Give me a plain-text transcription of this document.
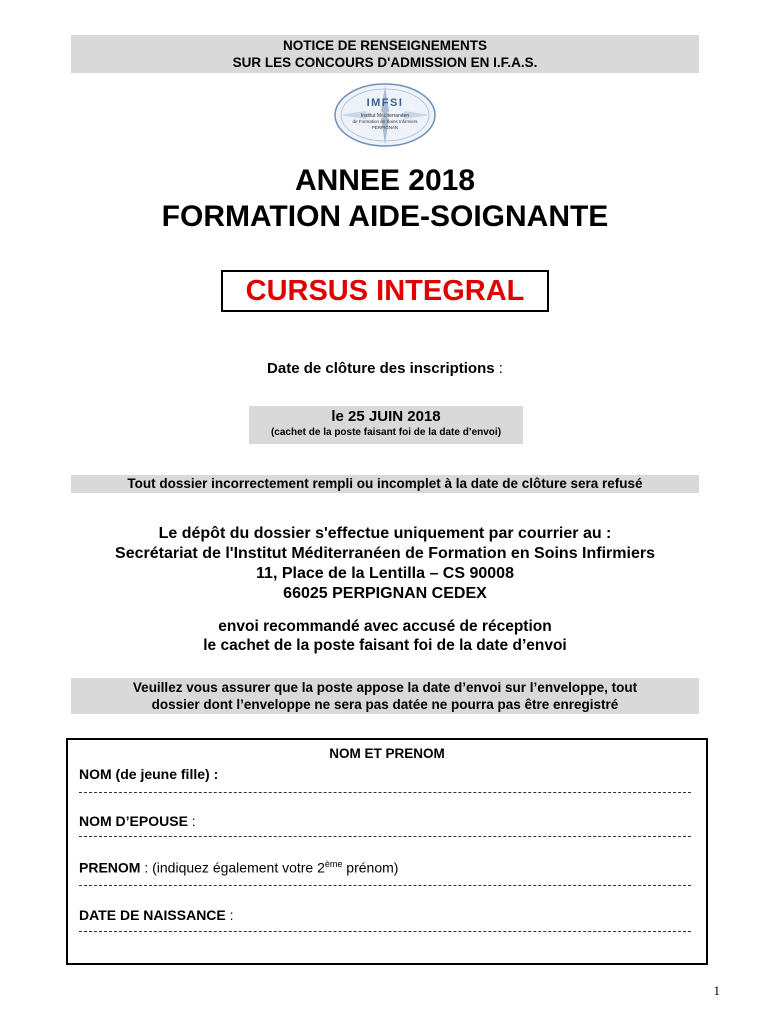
NOTICE DE RENSEIGNEMENTS
SUR LES CONCOURS D'ADMISSION EN I.F.A.S.
IMFSI
Institut Méditerranéen
de Formation en Soins Infirmiers
PERPIGNAN
ANNEE 2018
FORMATION AIDE-SOIGNANTE
CURSUS INTEGRAL
Date de clôture des inscriptions :
le 25 JUIN 2018
(cachet de la poste faisant foi de la date d’envoi)
Tout dossier incorrectement rempli ou incomplet à la date de clôture sera refusé
Le dépôt du dossier s'effectue uniquement par courrier au :
Secrétariat de l'Institut Méditerranéen de Formation en Soins Infirmiers
11, Place de la Lentilla – CS 90008
66025 PERPIGNAN CEDEX
envoi recommandé avec accusé de réception
le cachet de la poste faisant foi de la date d’envoi
Veuillez vous assurer que la poste appose la date d’envoi sur l’enveloppe, tout
dossier dont l’enveloppe ne sera pas datée ne pourra pas être enregistré
NOM ET PRENOM
NOM (de jeune fille) :
NOM D’EPOUSE :
PRENOM : (indiquez également votre 2ème prénom)
DATE DE NAISSANCE :
1
